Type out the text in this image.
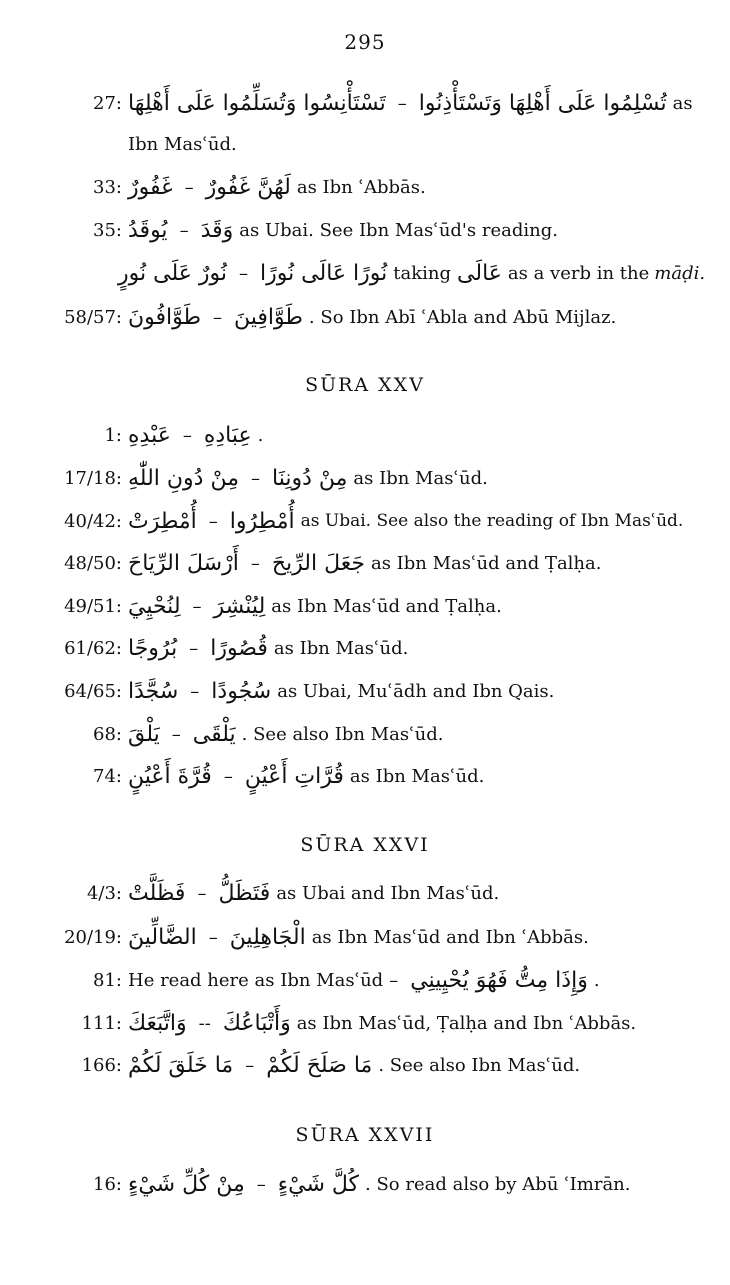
295
27: تَسْتَأْنِسُوا وَتُسَلِّمُوا عَلَى أَهْلِهَا – تُسْلِمُوا عَلَى أَهْلِهَا وَتَسْتَأْذِنُوا as
Ibn Masʿūd.
33: غَفُورٌ – لَهُنَّ غَفُورٌ as Ibn ʿAbbās.
35: يُوقَدُ – وَقَدَ as Ubai. See Ibn Masʿūd's reading.
نُورٌ عَلَى نُورٍ – نُورًا عَالَى نُورًا taking عَالَى as a verb in the māḍi.
58/57: طَوَّافُونَ – طَوَّافِينَ . So Ibn Abī ʿAbla and Abū Mijlaz.
SŪRA XXV
1: عَبْدِهِ – عِبَادِهِ .
17/18: مِنْ دُونِ اللّٰهِ – مِنْ دُونِنَا as Ibn Masʿūd.
40/42: أُمْطِرَتْ – أُمْطِرُوا as Ubai. See also the reading of Ibn Masʿūd.
48/50: أَرْسَلَ الرِّيَاحَ – جَعَلَ الرِّيحَ as Ibn Masʿūd and Ṭalḥa.
49/51: لِنُحْيِيَ – لِيُنْشِرَ as Ibn Masʿūd and Ṭalḥa.
61/62: بُرُوجًا – قُصُورًا as Ibn Masʿūd.
64/65: سُجَّدًا – سُجُودًا as Ubai, Muʿādh and Ibn Qais.
68: يَلْقَ – يَلْقَى . See also Ibn Masʿūd.
74: قُرَّةَ أَعْيُنٍ – قُرَّاتِ أَعْيُنٍ as Ibn Masʿūd.
SŪRA XXVI
4/3: فَظَلَّتْ – فَتَظَلُّ as Ubai and Ibn Masʿūd.
20/19: الضَّالِّينَ – الْجَاهِلِينَ as Ibn Masʿūd and Ibn ʿAbbās.
81: He read here as Ibn Masʿūd – وَإِذَا مِتُّ فَهُوَ يُحْيِينِي .
111: وَاتَّبَعَكَ -- وَأَتْبَاعُكَ as Ibn Masʿūd, Ṭalḥa and Ibn ʿAbbās.
166: مَا خَلَقَ لَكُمْ – مَا صَلَحَ لَكُمْ . See also Ibn Masʿūd.
SŪRA XXVII
16: مِنْ كُلِّ شَيْءٍ – كُلَّ شَيْءٍ . So read also by Abū ʿImrān.
